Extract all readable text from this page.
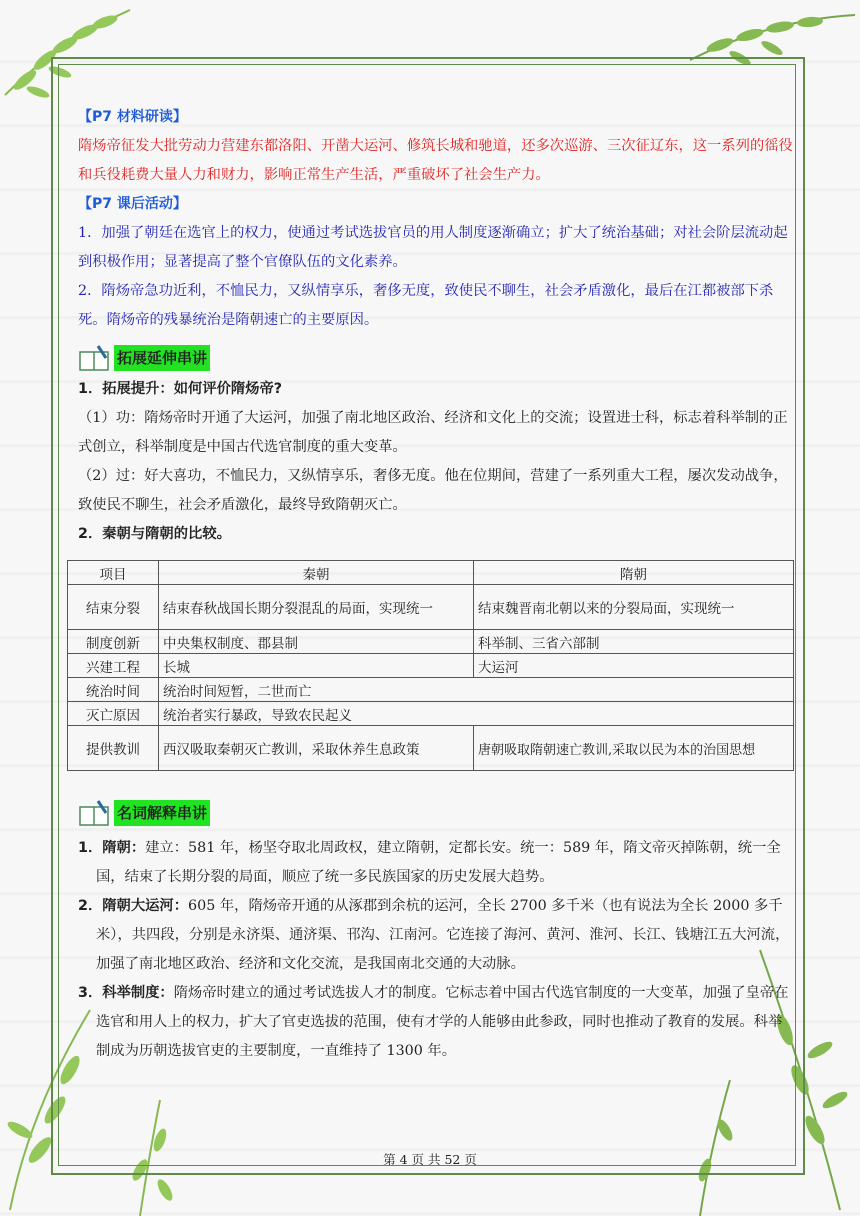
【P7 材料研读】

隋炀帝征发大批劳动力营建东都洛阳、开凿大运河、修筑长城和驰道，还多次巡游、三次征辽东，这一系列的徭役和兵役耗费大量人力和财力，影响正常生产生活，严重破坏了社会生产力。

【P7 课后活动】

1．加强了朝廷在选官上的权力，使通过考试选拔官员的用人制度逐渐确立；扩大了统治基础；对社会阶层流动起到积极作用；显著提高了整个官僚队伍的文化素养。

2．隋炀帝急功近利，不恤民力，又纵情享乐，奢侈无度，致使民不聊生，社会矛盾激化，最后在江都被部下杀死。隋炀帝的残暴统治是隋朝速亡的主要原因。

拓展延伸串讲

1．拓展提升：如何评价隋炀帝?

（1）功：隋炀帝时开通了大运河，加强了南北地区政治、经济和文化上的交流；设置进士科，标志着科举制的正式创立，科举制度是中国古代选官制度的重大变革。

（2）过：好大喜功，不恤民力，又纵情享乐，奢侈无度。他在位期间，营建了一系列重大工程，屡次发动战争，致使民不聊生，社会矛盾激化，最终导致隋朝灭亡。

2．秦朝与隋朝的比较。

项目	秦朝	隋朝
结束分裂	结束春秋战国长期分裂混乱的局面，实现统一	结束魏晋南北朝以来的分裂局面，实现统一
制度创新	中央集权制度、郡县制	科举制、三省六部制
兴建工程	长城	大运河
统治时间	统治时间短暂，二世而亡	
灭亡原因	统治者实行暴政，导致农民起义	
提供教训	西汉吸取秦朝灭亡教训，采取休养生息政策	唐朝吸取隋朝速亡教训,采取以民为本的治国思想
名词解释串讲

1．隋朝：建立：581 年，杨坚夺取北周政权，建立隋朝，定都长安。统一：589 年，隋文帝灭掉陈朝，统一全国，结束了长期分裂的局面，顺应了统一多民族国家的历史发展大趋势。

2．隋朝大运河：605 年，隋炀帝开通的从涿郡到余杭的运河，全长 2700 多千米（也有说法为全长 2000 多千米），共四段，分别是永济渠、通济渠、邗沟、江南河。它连接了海河、黄河、淮河、长江、钱塘江五大河流，加强了南北地区政治、经济和文化交流，是我国南北交通的大动脉。

3．科举制度：隋炀帝时建立的通过考试选拔人才的制度。它标志着中国古代选官制度的一大变革，加强了皇帝在选官和用人上的权力，扩大了官吏选拔的范围，使有才学的人能够由此参政，同时也推动了教育的发展。科举制成为历朝选拔官吏的主要制度，一直维持了 1300 年。

第 4 页 共 52 页
